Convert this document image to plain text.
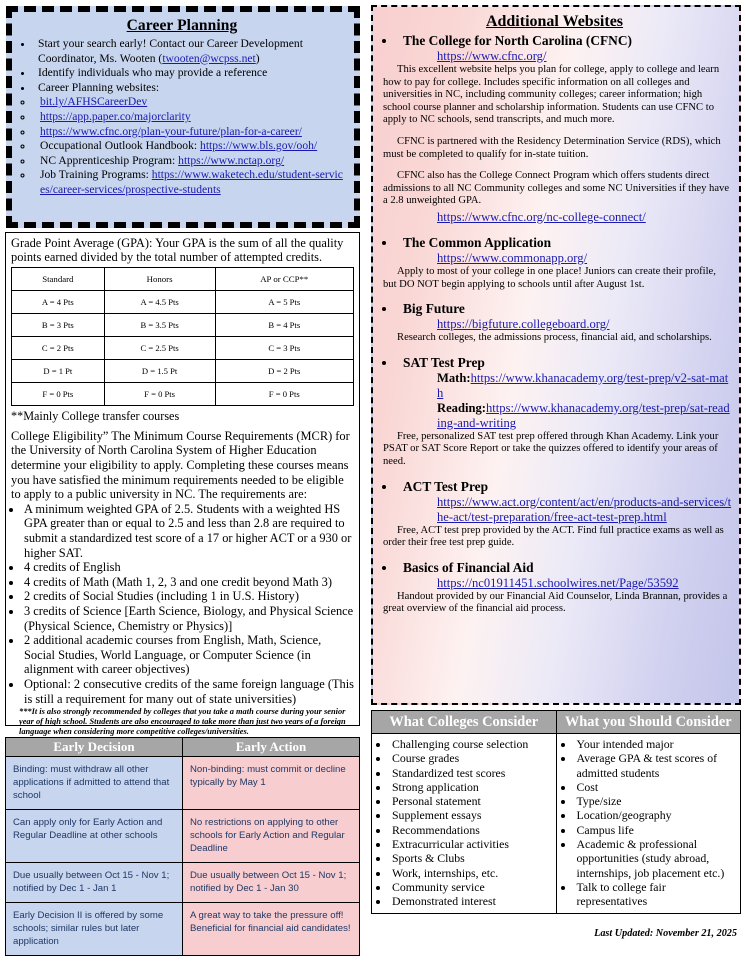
Career Planning
• Start your search early! Contact our Career Development Coordinator, Ms. Wooten (twooten@wcpss.net)
• Identify individuals who may provide a reference
• Career Planning websites:
◦ bit.ly/AFHSCareerDev
◦ https://app.paper.co/majorclarity
◦ https://www.cfnc.org/plan-your-future/plan-for-a-career/
◦ Occupational Outlook Handbook: https://www.bls.gov/ooh/
◦ NC Apprenticeship Program: https://www.nctap.org/
◦ Job Training Programs: https://www.waketech.edu/student-services/career-services/prospective-students

Grade Point Average (GPA): Your GPA is the sum of all the quality points earned divided by the total number of attempted credits.

Standard	Honors	AP or CCP**
A = 4 Pts	A = 4.5 Pts	A = 5 Pts
B = 3 Pts	B = 3.5 Pts	B = 4 Pts
C = 2 Pts	C = 2.5 Pts	C = 3 Pts
D = 1 Pt	D = 1.5 Pt	D = 2 Pts
F = 0 Pts	F = 0 Pts	F = 0 Pts
**Mainly College transfer courses

College Eligibility” The Minimum Course Requirements (MCR) for the University of North Carolina System of Higher Education determine your eligibility to apply. Completing these courses means you have satisfied the minimum requirements needed to be eligible to apply to a public university in NC. The requirements are:

• A minimum weighted GPA of 2.5. Students with a weighted HS GPA greater than or equal to 2.5 and less than 2.8 are required to submit a standardized test score of a 17 or higher ACT or a 930 or higher SAT.
• 4 credits of English
• 4 credits of Math (Math 1, 2, 3 and one credit beyond Math 3)
• 2 credits of Social Studies (including 1 in U.S. History)
• 3 credits of Science [Earth Science, Biology, and Physical Science (Physical Science, Chemistry or Physics)]
• 2 additional academic courses from English, Math, Science, Social Studies, World Language, or Computer Science (in alignment with career objectives)
• Optional: 2 consecutive credits of the same foreign language (This is still a requirement for many out of state universities)
***It is also strongly recommended by colleges that you take a math course during your senior year of high school. Students are also encouraged to take more than just two years of a foreign language when considering more competitive colleges/universities.
Early Decision	Early Action
Binding: must withdraw all other applications if admitted to attend that school	Non-binding: must commit or decline typically by May 1
Can apply only for Early Action and Regular Deadline at other schools	No restrictions on applying to other schools for Early Action and Regular Deadline
Due usually between Oct 15 - Nov 1; notified by Dec 1 - Jan 1	Due usually between Oct 15 - Nov 1; notified by Dec 1 - Jan 30
Early Decision II is offered by some schools; similar rules but later application	A great way to take the pressure off! Beneficial for financial aid candidates!
Additional Websites
• The College for North Carolina (CFNC)
https://www.cfnc.org/
This excellent website helps you plan for college, apply to college and learn how to pay for college. Includes specific information on all colleges and universities in NC, including community colleges; career information; high school course planner and scholarship information. Students can use CFNC to apply to NC schools, send transcripts, and much more.
CFNC is partnered with the Residency Determination Service (RDS), which must be completed to qualify for in-state tuition.
CFNC also has the College Connect Program which offers students direct admissions to all NC Community colleges and some NC Universities if they have a 2.8 unweighted GPA.
https://www.cfnc.org/nc-college-connect/
• The Common Application
https://www.commonapp.org/
Apply to most of your college in one place! Juniors can create their profile, but DO NOT begin applying to schools until after August 1st.
• Big Future
https://bigfuture.collegeboard.org/
Research colleges, the admissions process, financial aid, and scholarships.
• SAT Test Prep
Math:https://www.khanacademy.org/test-prep/v2-sat-math
Reading:https://www.khanacademy.org/test-prep/sat-reading-and-writing
Free, personalized SAT test prep offered through Khan Academy. Link your PSAT or SAT Score Report or take the quizzes offered to identify your areas of need.
• ACT Test Prep
https://www.act.org/content/act/en/products-and-services/the-act/test-preparation/free-act-test-prep.html
Free, ACT test prep provided by the ACT. Find full practice exams as well as order their free test prep guide.
• Basics of Financial Aid
https://nc01911451.schoolwires.net/Page/53592
Handout provided by our Financial Aid Counselor, Linda Brannan, provides a great overview of the financial aid process.
What Colleges Consider	What you Should Consider

• Challenging course selection
• Course grades
• Standardized test scores
• Strong application
• Personal statement
• Supplement essays
• Recommendations
• Extracurricular activities
• Sports & Clubs
• Work, internships, etc.
• Community service
• Demonstrated interest

• Your intended major
• Average GPA & test scores of admitted students
• Cost
• Type/size
• Location/geography
• Campus life
• Academic & professional opportunities (study abroad, internships, job placement etc.)
• Talk to college fair representatives
Last Updated: November 21, 2025
